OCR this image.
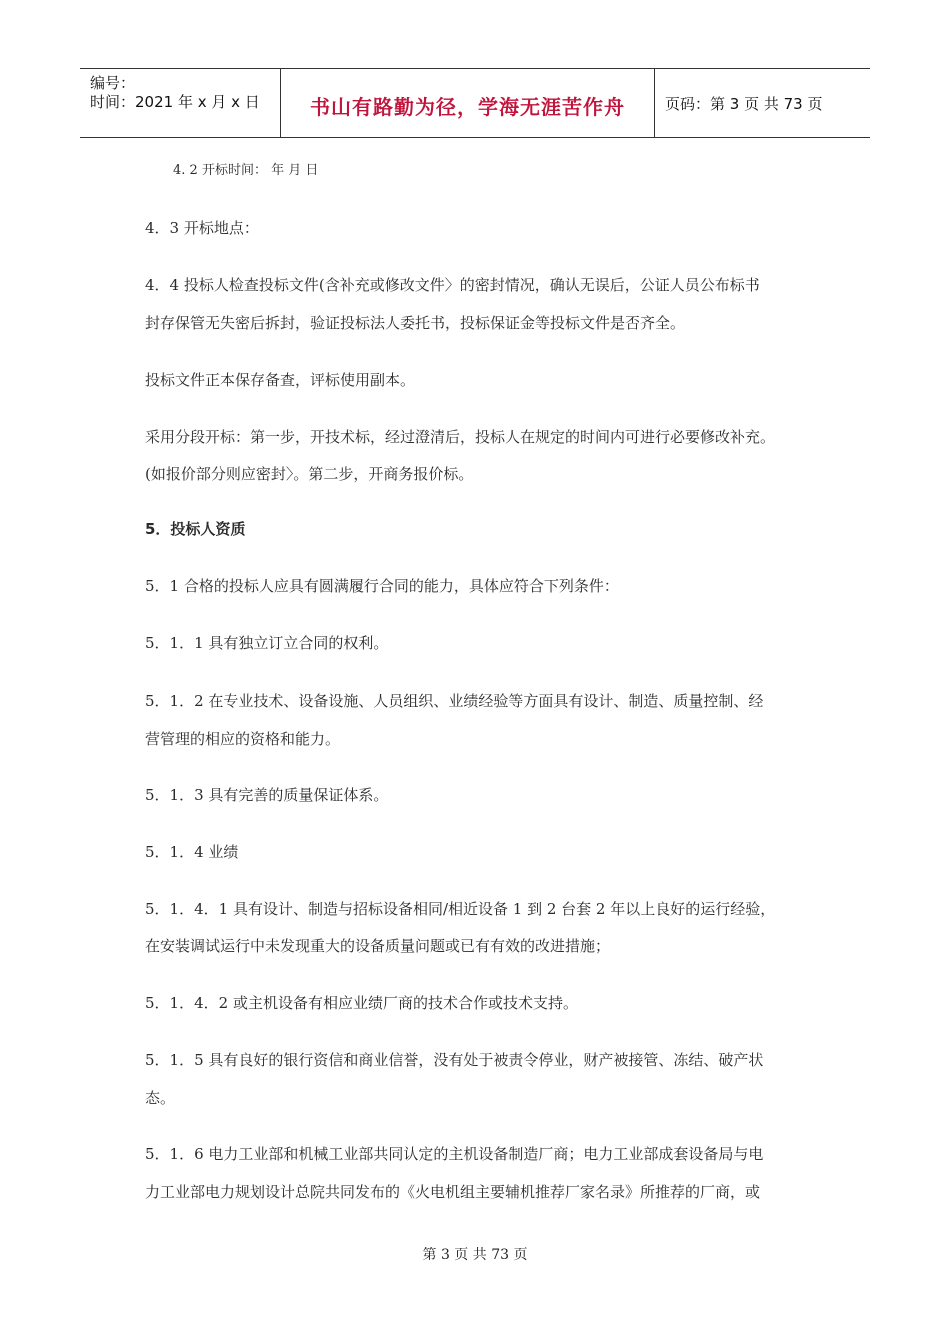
编号：
时间：2021 年 x 月 x 日	书山有路勤为径，学海无涯苦作舟	页码：第 3 页 共 73 页
4. 2 开标时间： 年 月 日
4．3 开标地点：
4．4 投标人检查投标文件(含补充或修改文件〉的密封情况，确认无误后，公证人员公布标书
封存保管无失密后拆封，验证投标法人委托书，投标保证金等投标文件是否齐全。
投标文件正本保存备查，评标使用副本。
采用分段开标：第一步，开技术标，经过澄清后，投标人在规定的时间内可进行必要修改补充。
(如报价部分则应密封〉。第二步，开商务报价标。
5．投标人资质
5．1 合格的投标人应具有圆满履行合同的能力，具体应符合下列条件：
5．1．1 具有独立订立合同的权利。
5．1．2 在专业技术、设备设施、人员组织、业绩经验等方面具有设计、制造、质量控制、经
营管理的相应的资格和能力。
5．1．3 具有完善的质量保证体系。
5．1．4 业绩
5．1．4．1 具有设计、制造与招标设备相同/相近设备 1 到 2 台套 2 年以上良好的运行经验，
在安装调试运行中未发现重大的设备质量问题或已有有效的改进措施；
5．1．4．2 或主机设备有相应业绩厂商的技术合作或技术支持。
5．1．5 具有良好的银行资信和商业信誉，没有处于被责令停业，财产被接管、冻结、破产状
态。
5．1．6 电力工业部和机械工业部共同认定的主机设备制造厂商；电力工业部成套设备局与电
力工业部电力规划设计总院共同发布的《火电机组主要辅机推荐厂家名录》所推荐的厂商，或
第 3 页 共 73 页
